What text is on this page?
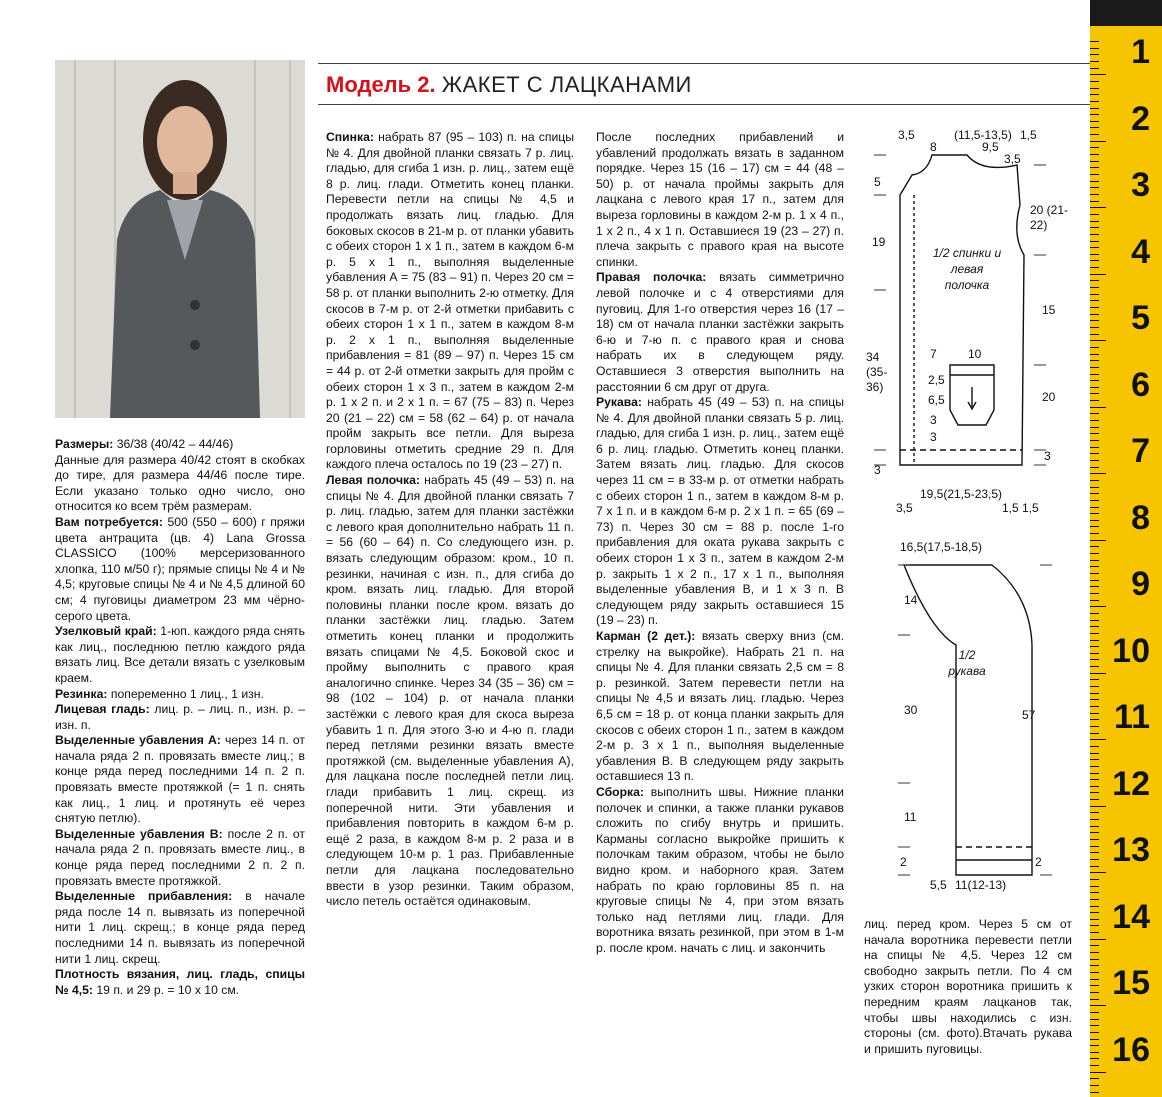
Модель 2. ЖАКЕТ С ЛАЦКАНАМИ

Размеры: 36/38 (40/42 – 44/46)

Данные для размера 40/42 стоят в скобках до тире, для размера 44/46 после тире. Если указано только одно число, оно относится ко всем трём размерам.

Вам потребуется: 500 (550 – 600) г пряжи цвета антрацита (цв. 4) Lana Grossa CLASSICO (100% мерсеризованного хлопка, 110 м/50 г); прямые спицы № 4 и № 4,5; круговые спицы № 4 и № 4,5 длиной 60 см; 4 пуговицы диаметром 23 мм чёрно-серого цвета.

Узелковый край: 1-юп. каждого ряда снять как лиц., последнюю петлю каждого ряда вязать лиц. Все детали вязать с узелковым краем.

Резинка: попеременно 1 лиц., 1 изн.

Лицевая гладь: лиц. р. – лиц. п., изн. р. – изн. п.

Выделенные убавления А: через 14 п. от начала ряда 2 п. провязать вместе лиц.; в конце ряда перед последними 14 п. 2 п. провязать вместе протяжкой (= 1 п. снять как лиц., 1 лиц. и протянуть её через снятую петлю).

Выделенные убавления В: после 2 п. от начала ряда 2 п. провязать вместе лиц., в конце ряда перед последними 2 п. 2 п. провязать вместе протяжкой.

Выделенные прибавления: в начале ряда после 14 п. вывязать из поперечной нити 1 лиц. скрещ.; в конце ряда перед последними 14 п. вывязать из поперечной нити 1 лиц. скрещ.

Плотность вязания, лиц. гладь, спицы № 4,5: 19 п. и 29 р. = 10 х 10 см.

Спинка: набрать 87 (95 – 103) п. на спицы № 4. Для двойной планки связать 7 р. лиц. гладью, для сгиба 1 изн. р. лиц., затем ещё 8 р. лиц. глади. Отметить конец планки. Перевести петли на спицы № 4,5 и продолжать вязать лиц. гладью. Для боковых скосов в 21-м р. от планки убавить с обеих сторон 1 х 1 п., затем в каждом 6-м р. 5 х 1 п., выполняя выделенные убавления А = 75 (83 – 91) п. Через 20 см = 58 р. от планки выполнить 2-ю отметку. Для скосов в 7-м р. от 2-й отметки прибавить с обеих сторон 1 х 1 п., затем в каждом 8-м р. 2 х 1 п., выполняя выделенные прибавления = 81 (89 – 97) п. Через 15 см = 44 р. от 2-й отметки закрыть для пройм с обеих сторон 1 х 3 п., затем в каждом 2-м р. 1 х 2 п. и 2 х 1 п. = 67 (75 – 83) п. Через 20 (21 – 22) см = 58 (62 – 64) р. от начала пройм закрыть все петли. Для выреза горловины отметить средние 29 п. Для каждого плеча осталось по 19 (23 – 27) п.

Левая полочка: набрать 45 (49 – 53) п. на спицы № 4. Для двойной планки связать 7 р. лиц. гладью, затем для планки застёжки с левого края дополнительно набрать 11 п. = 56 (60 – 64) п. Со следующего изн. р. вязать следующим образом: кром., 10 п. резинки, начиная с изн. п., для сгиба до кром. вязать лиц. гладью. Для второй половины планки после кром. вязать до планки застёжки лиц. гладью. Затем отметить конец планки и продолжить вязать спицами № 4,5. Боковой скос и пройму выполнить с правого края аналогично спинке. Через 34 (35 – 36) см = 98 (102 – 104) р. от начала планки застёжки с левого края для скоса выреза убавить 1 п. Для этого 3-ю и 4-ю п. глади перед петлями резинки вязать вместе протяжкой (см. выделенные убавления А), для лацкана после последней петли лиц. глади прибавить 1 лиц. скрещ. из поперечной нити. Эти убавления и прибавления повторить в каждом 6-м р. ещё 2 раза, в каждом 8-м р. 2 раза и в следующем 10-м р. 1 раз. Прибавленные петли для лацкана последовательно ввести в узор резинки. Таким образом, число петель остаётся одинаковым.

После последних прибавлений и убавлений продолжать вязать в заданном порядке. Через 15 (16 – 17) см = 44 (48 – 50) р. от начала проймы закрыть для лацкана с левого края 17 п., затем для выреза горловины в каждом 2-м р. 1 х 4 п., 1 х 2 п., 4 х 1 п. Оставшиеся 19 (23 – 27) п. плеча закрыть с правого края на высоте спинки.

Правая полочка: вязать симметрично левой полочке и с 4 отверстиями для пуговиц. Для 1-го отверстия через 16 (17 – 18) см от начала планки застёжки закрыть 6-ю и 7-ю п. с правого края и снова набрать их в следующем ряду. Оставшиеся 3 отверстия выполнить на расстоянии 6 см друг от друга.

Рукава: набрать 45 (49 – 53) п. на спицы № 4. Для двойной планки связать 5 р. лиц. гладью, для сгиба 1 изн. р. лиц., затем ещё 6 р. лиц. гладью. Отметить конец планки. Затем вязать лиц. гладью. Для скосов через 11 см = в 33-м р. от отметки набрать с обеих сторон 1 п., затем в каждом 8-м р. 7 х 1 п. и в каждом 6-м р. 2 х 1 п. = 65 (69 – 73) п. Через 30 см = 88 р. после 1-го прибавления для оката рукава закрыть с обеих сторон 1 х 3 п., затем в каждом 2-м р. закрыть 1 х 2 п., 17 х 1 п., выполняя выделенные убавления В, и 1 х 3 п. В следующем ряду закрыть оставшиеся 15 (19 – 23) п.

Карман (2 дет.): вязать сверху вниз (см. стрелку на выкройке). Набрать 21 п. на спицы № 4. Для планки связать 2,5 см = 8 р. резинкой. Затем перевести петли на спицы № 4,5 и вязать лиц. гладью. Через 6,5 см = 18 р. от конца планки закрыть для скосов с обеих сторон 1 п., затем в каждом 2-м р. 3 х 1 п., выполняя выделенные убавления В. В следующем ряду закрыть оставшиеся 13 п.

Сборка: выполнить швы. Нижние планки полочек и спинки, а также планки рукавов сложить по сгибу внутрь и пришить. Карманы согласно выкройке пришить к полочкам таким образом, чтобы не было видно кром. и наборного края. Затем набрать по краю горловины 85 п. на круговые спицы № 4, при этом вязать только над петлями лиц. глади. Для воротника вязать резинкой, при этом в 1-м р. после кром. начать с лиц. и закончить

лиц. перед кром. Через 5 см от начала воротника перевести петли на спицы № 4,5. Через 12 см свободно закрыть петли. По 4 см узких сторон воротника пришить к передним краям лацканов так, чтобы швы находились с изн. стороны (см. фото).Втачать рукава и пришить пуговицы.

3,5
8
(11,5-13,5)
9,5
1,5
3,5
5
19
34 (35- 36)
3
20 (21-22)
15
20
3
1/2 спинки и левая полочка
7	10
2,5
6,5
3
3
3,5
19,5(21,5-23,5)
1,5 1,5
16,5(17,5-18,5)
14
30
11
2
57
2
1/2 рукава
5,5 11(12-13)
1
2
3
4
5
6
7
8
9
10
11
12
13
14
15
16
